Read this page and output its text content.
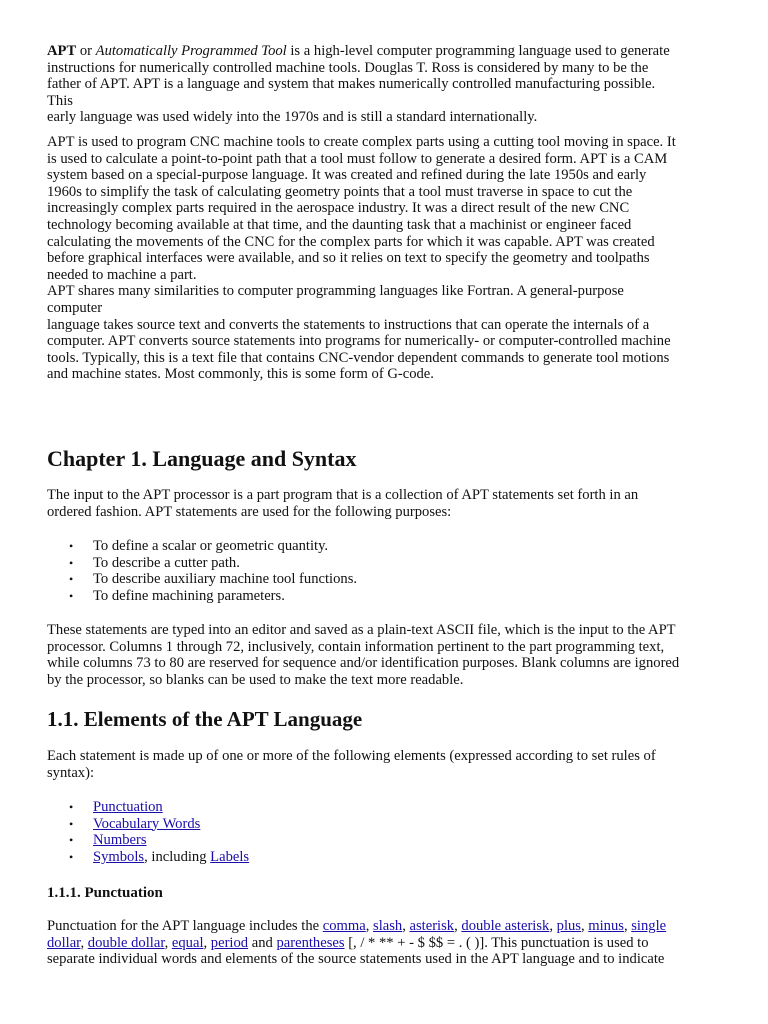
APT or Automatically Programmed Tool is a high-level computer programming language used to generate
instructions for numerically controlled machine tools. Douglas T. Ross is considered by many to be the
father of APT. APT is a language and system that makes numerically controlled manufacturing possible.
This
early language was used widely into the 1970s and is still a standard internationally.

APT is used to program CNC machine tools to create complex parts using a cutting tool moving in space. It
is used to calculate a point-to-point path that a tool must follow to generate a desired form. APT is a CAM
system based on a special-purpose language. It was created and refined during the late 1950s and early
1960s to simplify the task of calculating geometry points that a tool must traverse in space to cut the
increasingly complex parts required in the aerospace industry. It was a direct result of the new CNC
technology becoming available at that time, and the daunting task that a machinist or engineer faced
calculating the movements of the CNC for the complex parts for which it was capable. APT was created
before graphical interfaces were available, and so it relies on text to specify the geometry and toolpaths
needed to machine a part.

APT shares many similarities to computer programming languages like Fortran. A general-purpose
computer
language takes source text and converts the statements to instructions that can operate the internals of a
computer. APT converts source statements into programs for numerically- or computer-controlled machine
tools. Typically, this is a text file that contains CNC-vendor dependent commands to generate tool motions
and machine states. Most commonly, this is some form of G-code.

Chapter 1. Language and Syntax

The input to the APT processor is a part program that is a collection of APT statements set forth in an
ordered fashion. APT statements are used for the following purposes:

• To define a scalar or geometric quantity.
• To describe a cutter path.
• To describe auxiliary machine tool functions.
• To define machining parameters.

These statements are typed into an editor and saved as a plain-text ASCII file, which is the input to the APT
processor. Columns 1 through 72, inclusively, contain information pertinent to the part programming text,
while columns 73 to 80 are reserved for sequence and/or identification purposes. Blank columns are ignored
by the processor, so blanks can be used to make the text more readable.

1.1. Elements of the APT Language

Each statement is made up of one or more of the following elements (expressed according to set rules of
syntax):

• Punctuation
• Vocabulary Words
• Numbers
• Symbols, including Labels
1.1.1. Punctuation

Punctuation for the APT language includes the comma, slash, asterisk, double asterisk, plus, minus, single
dollar, double dollar, equal, period and parentheses [, / * ** + - $ $$ = . ( )]. This punctuation is used to
separate individual words and elements of the source statements used in the APT language and to indicate
